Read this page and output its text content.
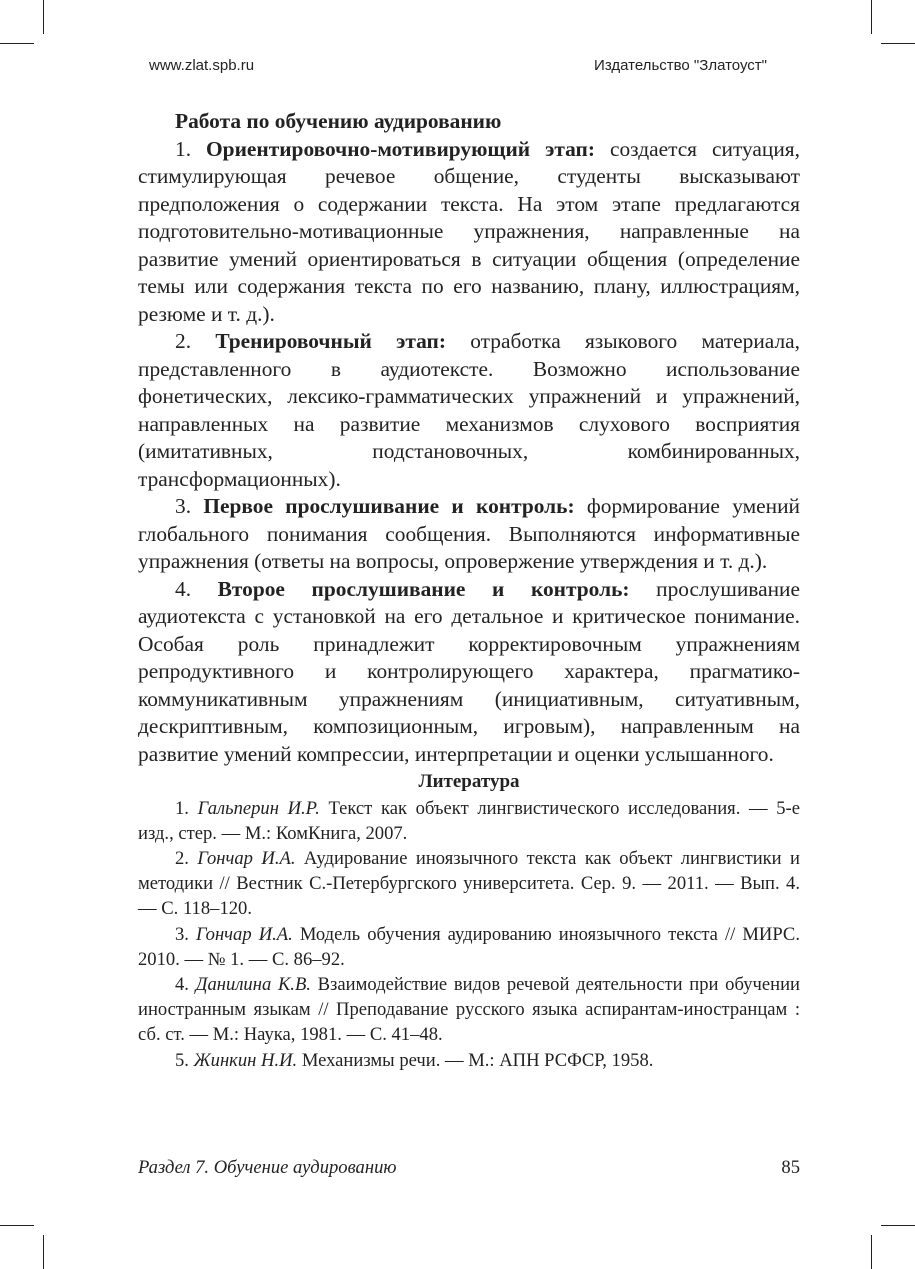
www.zlat.spb.ru	Издательство "Златоуст"

Работа по обучению аудированию

1. Ориентировочно-мотивирующий этап: создается ситуация, стимулирующая речевое общение, студенты высказывают предположения о содержании текста. На этом этапе предлагаются подготовительно-мотивационные упражнения, направленные на развитие умений ориентироваться в ситуации общения (определение темы или содержания текста по его названию, плану, иллюстрациям, резюме и т. д.).

2. Тренировочный этап: отработка языкового материала, представленного в аудиотексте. Возможно использование фонетических, лексико-грамматических упражнений и упражнений, направленных на развитие механизмов слухового восприятия (имитативных, подстановочных, комбинированных, трансформационных).

3. Первое прослушивание и контроль: формирование умений глобального понимания сообщения. Выполняются информативные упражнения (ответы на вопросы, опровержение утверждения и т. д.).

4. Второе прослушивание и контроль: прослушивание аудиотекста с установкой на его детальное и критическое понимание. Особая роль принадлежит корректировочным упражнениям репродуктивного и контролирующего характера, прагматико-коммуникативным упражнениям (инициативным, ситуативным, дескриптивным, композиционным, игровым), направленным на развитие умений компрессии, интерпретации и оценки услышанного.

Литература

1. Гальперин И.Р. Текст как объект лингвистического исследования. — 5-е изд., стер. — М.: КомКнига, 2007.

2. Гончар И.А. Аудирование иноязычного текста как объект лингвистики и методики // Вестник С.-Петербургского университета. Сер. 9. — 2011. — Вып. 4. — С. 118–120.

3. Гончар И.А. Модель обучения аудированию иноязычного текста // МИРС. 2010. — № 1. — С. 86–92.

4. Данилина К.В. Взаимодействие видов речевой деятельности при обучении иностранным языкам // Преподавание русского языка аспирантам-иностранцам : сб. ст. — М.: Наука, 1981. — С. 41–48.

5. Жинкин Н.И. Механизмы речи. — М.: АПН РСФСР, 1958.

Раздел 7. Обучение аудированию	85
